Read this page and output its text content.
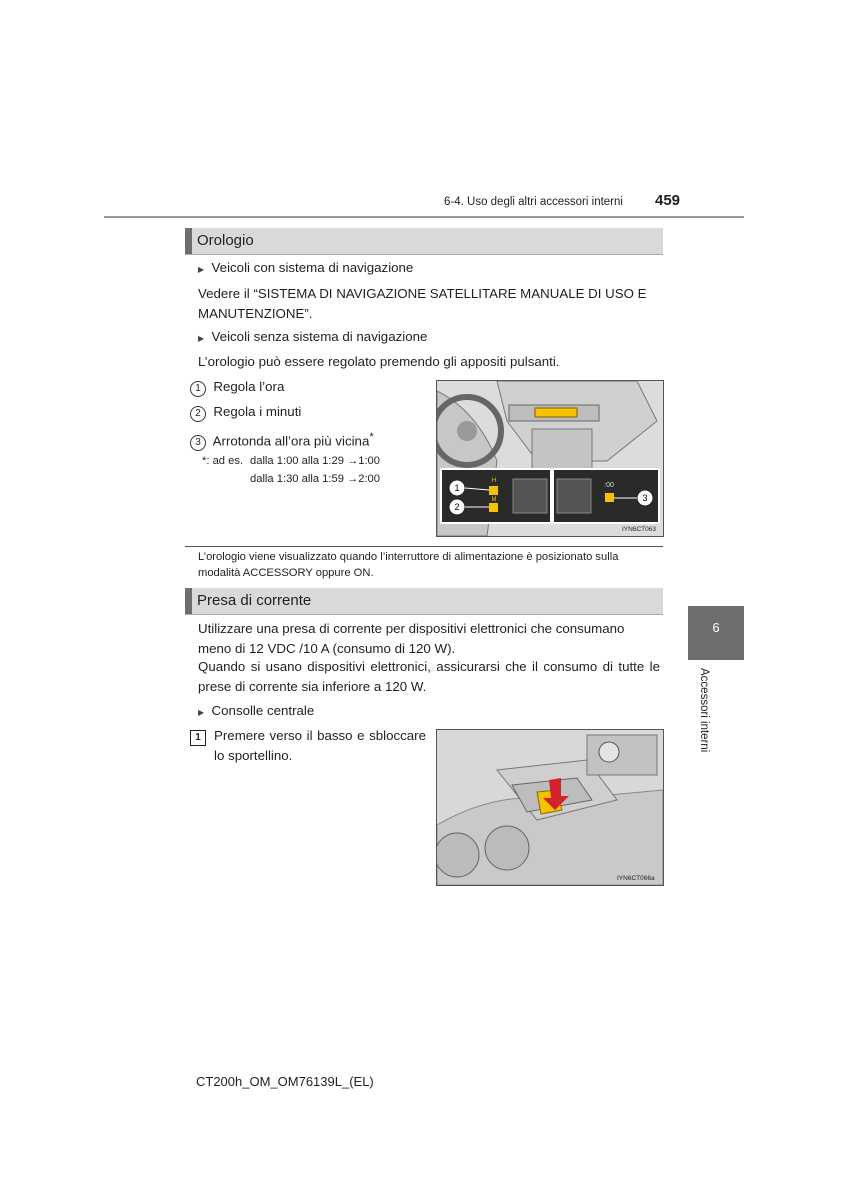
6-4. Uso degli altri accessori interni 459
Orologio
▶ Veicoli con sistema di navigazione
Vedere il “SISTEMA DI NAVIGAZIONE SATELLITARE MANUALE DI USO E MANUTENZIONE”.
▶ Veicoli senza sistema di navigazione
L’orologio può essere regolato premendo gli appositi pulsanti.
1 Regola l’ora
2 Regola i minuti
3 Arrotonda all’ora più vicina*
*: ad es. dalla 1:00 alla 1:29 →1:00
dalla 1:30 alla 1:59 →2:00	H
M
:00
1
2
3
IYN6CT063
L’orologio viene visualizzato quando l’interruttore di alimentazione è posizionato sulla modalità ACCESSORY oppure ON.
Presa di corrente
Utilizzare una presa di corrente per dispositivi elettronici che consumano meno di 12 VDC /10 A (consumo di 120 W).
Quando si usano dispositivi elettronici, assicurarsi che il consumo di tutte le prese di corrente sia inferiore a 120 W.
▶ Consolle centrale
1 Premere verso il basso e sbloccare lo sportellino.
IYN6CT066a
6
Accessori interni
CT200h_OM_OM76139L_(EL)
